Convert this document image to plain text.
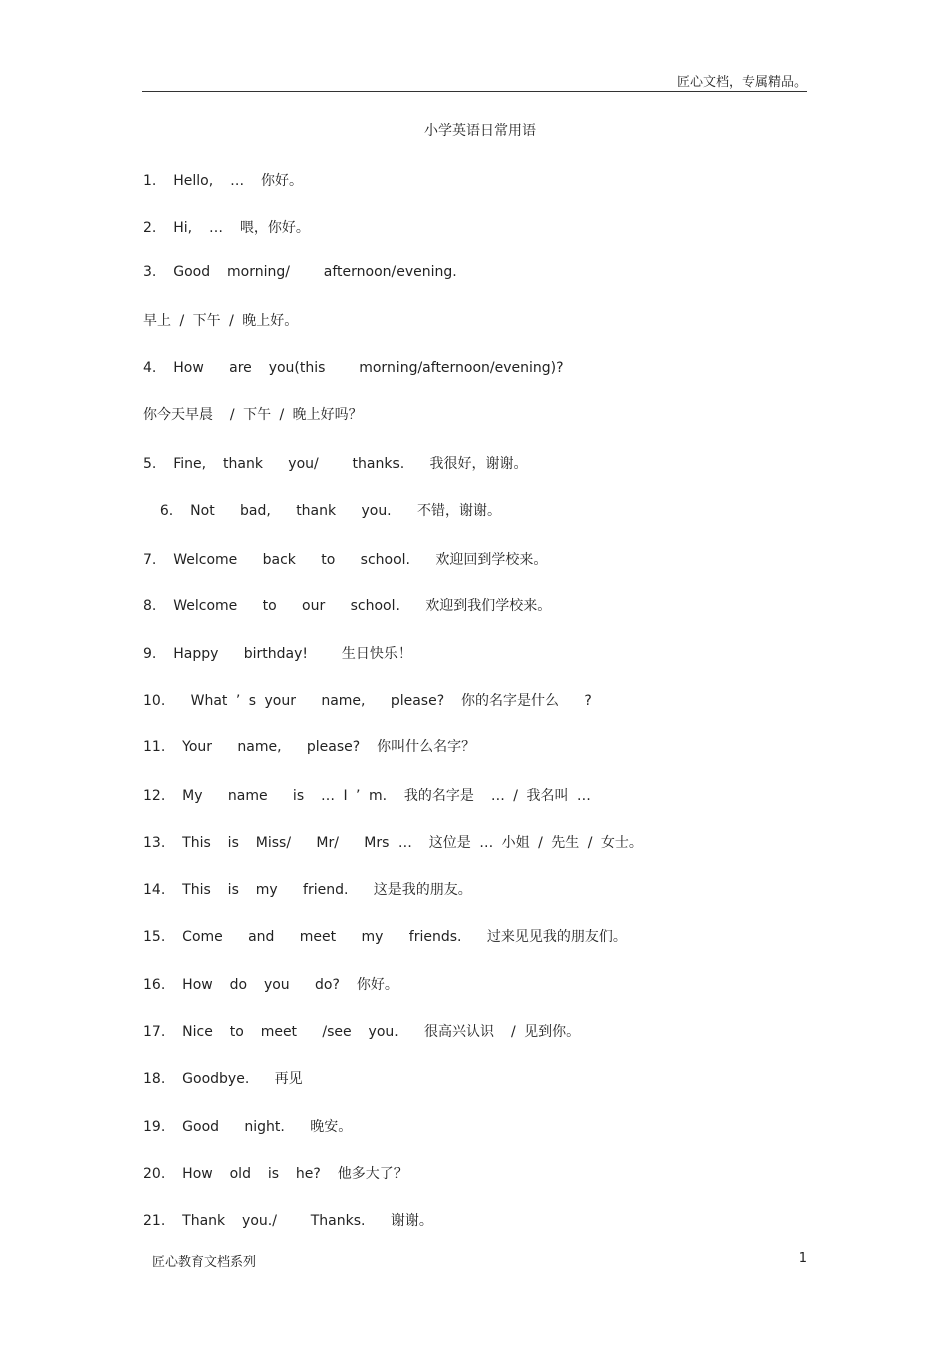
匠心文档，专属精品。
小学英语日常用语
1.  Hello,  …  你好。
2.  Hi,  …  喂，你好。
3.  Good  morning/    afternoon/evening.
早上 / 下午 / 晚上好。
4.  How   are  you(this    morning/afternoon/evening)?
你今天早晨  / 下午 / 晚上好吗？
5.  Fine,  thank   you/    thanks.   我很好，谢谢。
6.  Not   bad,   thank   you.   不错，谢谢。
7.  Welcome   back   to   school.   欢迎回到学校来。
8.  Welcome   to   our   school.   欢迎到我们学校来。
9.  Happy   birthday!    生日快乐！
10.   What ’ s your   name,   please?  你的名字是什么   ?
11.  Your   name,   please?  你叫什么名字？
12.  My   name   is  … I ’ m.  我的名字是  … / 我名叫 …
13.  This  is  Miss/   Mr/   Mrs …  这位是 … 小姐 / 先生 / 女士。
14.  This  is  my   friend.   这是我的朋友。
15.  Come   and   meet   my   friends.   过来见见我的朋友们。
16.  How  do  you   do?  你好。
17.  Nice  to  meet   /see  you.   很高兴认识  / 见到你。
18.  Goodbye.   再见
19.  Good   night.   晚安。
20.  How  old  is  he?  他多大了？
21.  Thank  you./    Thanks.   谢谢。
匠心教育文档系列	1
